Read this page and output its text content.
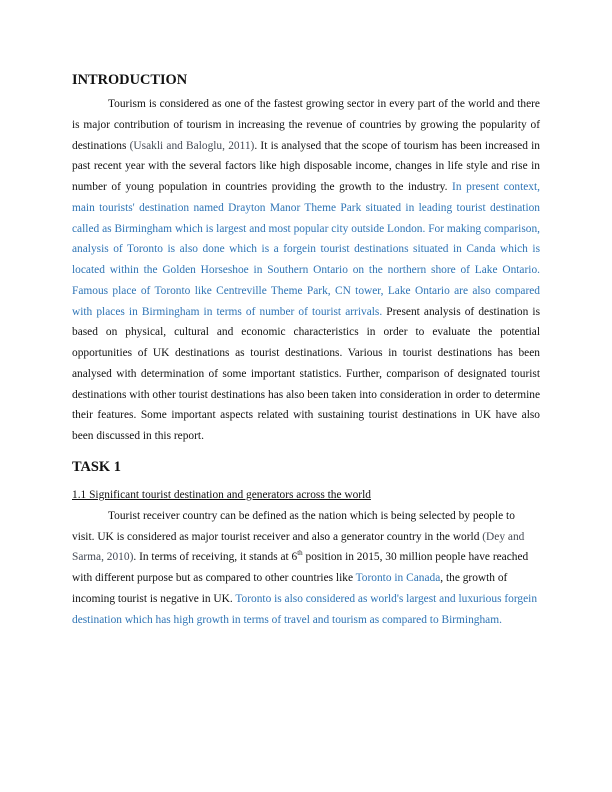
INTRODUCTION

Tourism is considered as one of the fastest growing sector in every part of the world and there is major contribution of tourism in increasing the revenue of countries by growing the popularity of destinations (Usakli and Baloglu, 2011). It is analysed that the scope of tourism has been increased in past recent year with the several factors like high disposable income, changes in life style and rise in number of young population in countries providing the growth to the industry. In present context, main tourists' destination named Drayton Manor Theme Park situated in leading tourist destination called as Birmingham which is largest and most popular city outside London. For making comparison, analysis of Toronto is also done which is a forgein tourist destinations situated in Canda which is located within the Golden Horseshoe in Southern Ontario on the northern shore of Lake Ontario. Famous place of Toronto like Centreville Theme Park, CN tower, Lake Ontario are also compared with places in Birmingham in terms of number of tourist arrivals. Present analysis of destination is based on physical, cultural and economic characteristics in order to evaluate the potential opportunities of UK destinations as tourist destinations. Various in tourist destinations has been analysed with determination of some important statistics. Further, comparison of designated tourist destinations with other tourist destinations has also been taken into consideration in order to determine their features. Some important aspects related with sustaining tourist destinations in UK have also been discussed in this report.

TASK 1
1.1 Significant tourist destination and generators across the world

Tourist receiver country can be defined as the nation which is being selected by people to visit. UK is considered as major tourist receiver and also a generator country in the world (Dey and Sarma, 2010). In terms of receiving, it stands at 6th position in 2015, 30 million people have reached with different purpose but as compared to other countries like Toronto in Canada, the growth of incoming tourist is negative in UK. Toronto is also considered as world's largest and luxurious forgein destination which has high growth in terms of travel and tourism as compared to Birmingham.
